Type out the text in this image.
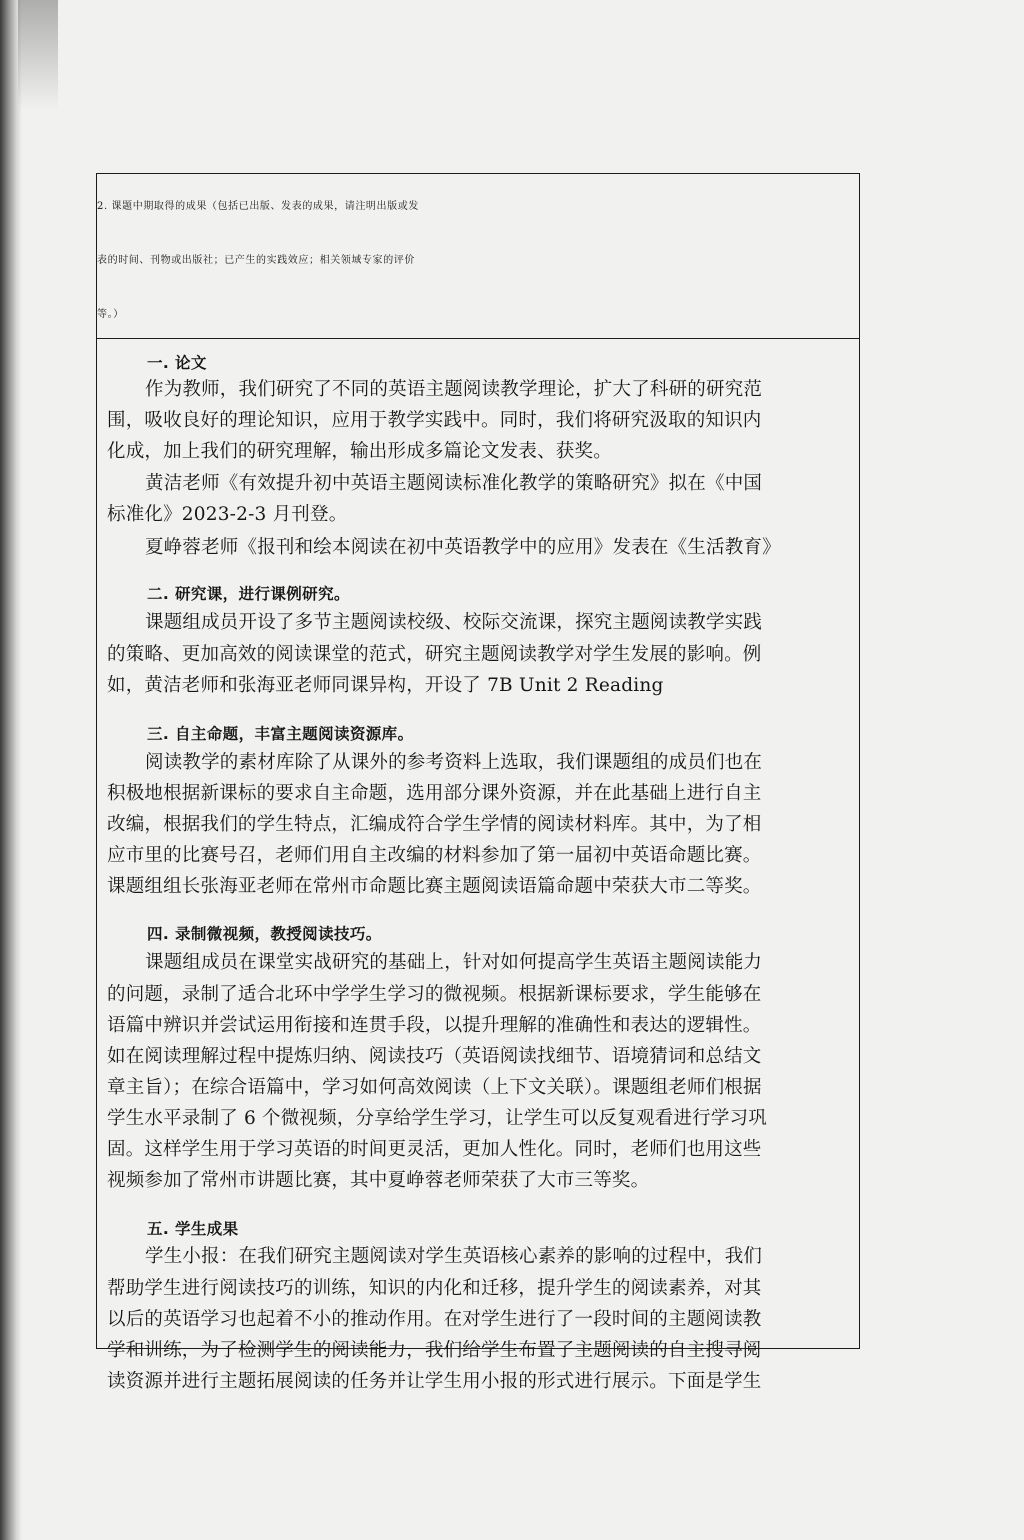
2. 课题中期取得的成果（包括已出版、发表的成果，请注明出版或发
表的时间、刊物或出版社；已产生的实践效应；相关领域专家的评价
等。）

一. 论文
作为教师，我们研究了不同的英语主题阅读教学理论，扩大了科研的研究范
围，吸收良好的理论知识，应用于教学实践中。同时，我们将研究汲取的知识内
化成，加上我们的研究理解，输出形成多篇论文发表、获奖。
黄洁老师《有效提升初中英语主题阅读标准化教学的策略研究》拟在《中国
标准化》2023-2-3 月刊登。
夏峥蓉老师《报刊和绘本阅读在初中英语教学中的应用》发表在《生活教育》
二. 研究课，进行课例研究。
课题组成员开设了多节主题阅读校级、校际交流课，探究主题阅读教学实践
的策略、更加高效的阅读课堂的范式，研究主题阅读教学对学生发展的影响。例
如，黄洁老师和张海亚老师同课异构，开设了 7B Unit 2 Reading
三. 自主命题，丰富主题阅读资源库。
阅读教学的素材库除了从课外的参考资料上选取，我们课题组的成员们也在
积极地根据新课标的要求自主命题，选用部分课外资源，并在此基础上进行自主
改编，根据我们的学生特点，汇编成符合学生学情的阅读材料库。其中，为了相
应市里的比赛号召，老师们用自主改编的材料参加了第一届初中英语命题比赛。
课题组组长张海亚老师在常州市命题比赛主题阅读语篇命题中荣获大市二等奖。
四. 录制微视频，教授阅读技巧。
课题组成员在课堂实战研究的基础上，针对如何提高学生英语主题阅读能力
的问题，录制了适合北环中学学生学习的微视频。根据新课标要求，学生能够在
语篇中辨识并尝试运用衔接和连贯手段，以提升理解的准确性和表达的逻辑性。
如在阅读理解过程中提炼归纳、阅读技巧（英语阅读找细节、语境猜词和总结文
章主旨）；在综合语篇中，学习如何高效阅读（上下文关联）。课题组老师们根据
学生水平录制了 6 个微视频，分享给学生学习，让学生可以反复观看进行学习巩
固。这样学生用于学习英语的时间更灵活，更加人性化。同时，老师们也用这些
视频参加了常州市讲题比赛，其中夏峥蓉老师荣获了大市三等奖。
五. 学生成果
学生小报：在我们研究主题阅读对学生英语核心素养的影响的过程中，我们
帮助学生进行阅读技巧的训练，知识的内化和迁移，提升学生的阅读素养，对其
以后的英语学习也起着不小的推动作用。在对学生进行了一段时间的主题阅读教
学和训练，为了检测学生的阅读能力，我们给学生布置了主题阅读的自主搜寻阅
读资源并进行主题拓展阅读的任务并让学生用小报的形式进行展示。下面是学生
